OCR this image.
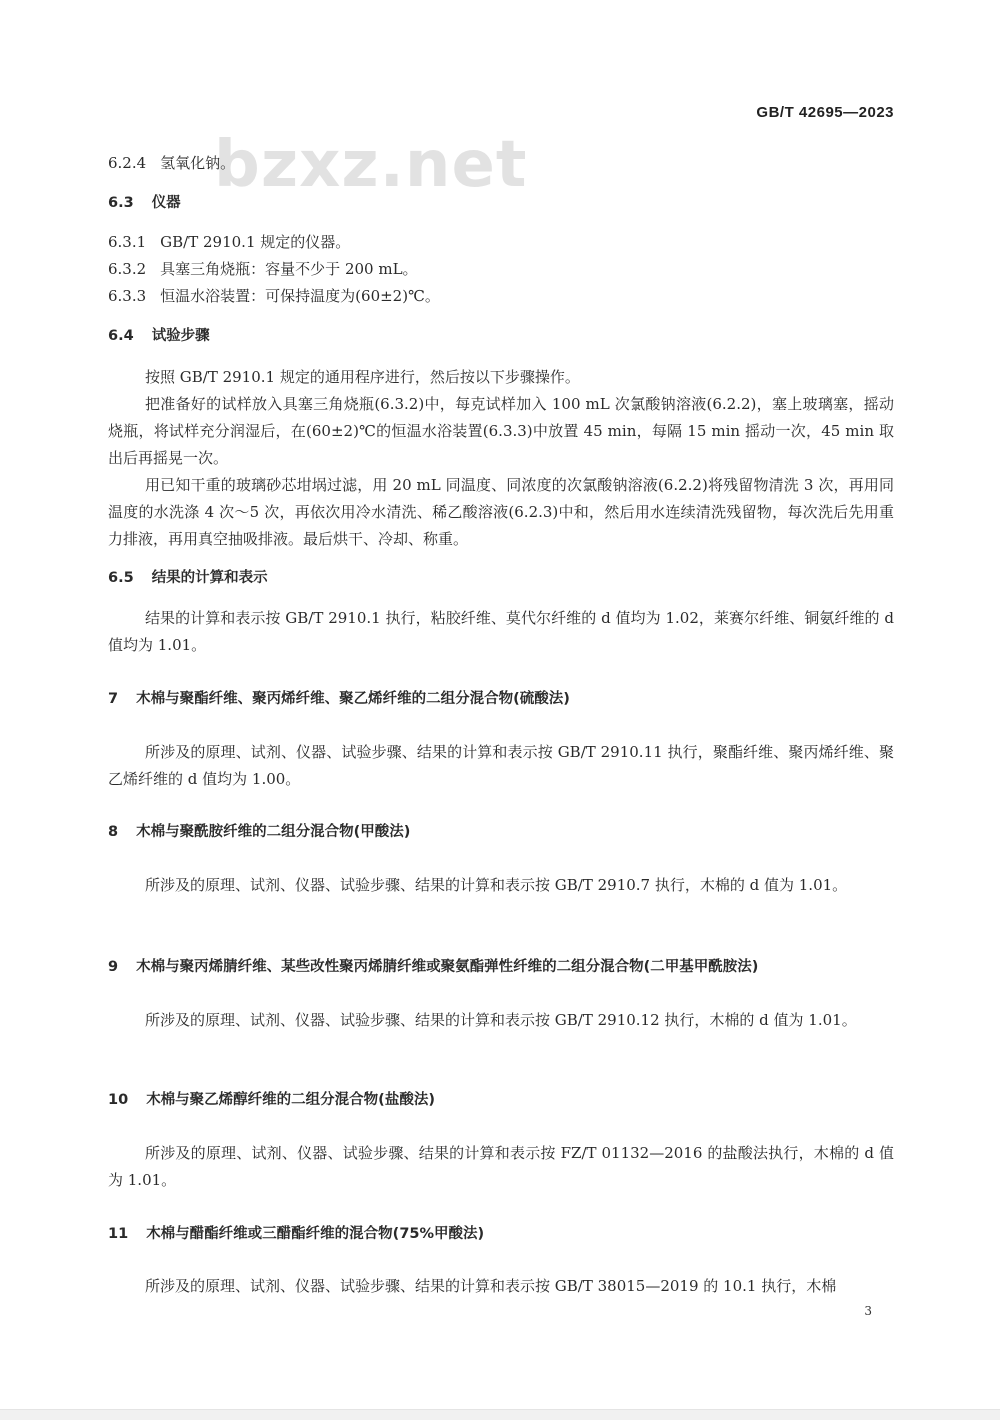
GB/T 42695—2023
bzxz.net
6.2.4 氢氧化钠。
6.3 仪器
6.3.1 GB/T 2910.1 规定的仪器。
6.3.2 具塞三角烧瓶：容量不少于 200 mL。
6.3.3 恒温水浴装置：可保持温度为(60±2)℃。
6.4 试验步骤
按照 GB/T 2910.1 规定的通用程序进行，然后按以下步骤操作。
把准备好的试样放入具塞三角烧瓶(6.3.2)中，每克试样加入 100 mL 次氯酸钠溶液(6.2.2)，塞上玻璃塞，摇动烧瓶，将试样充分润湿后，在(60±2)℃的恒温水浴装置(6.3.3)中放置 45 min，每隔 15 min 摇动一次，45 min 取出后再摇晃一次。
用已知干重的玻璃砂芯坩埚过滤，用 20 mL 同温度、同浓度的次氯酸钠溶液(6.2.2)将残留物清洗 3 次，再用同温度的水洗涤 4 次～5 次，再依次用冷水清洗、稀乙酸溶液(6.2.3)中和，然后用水连续清洗残留物，每次洗后先用重力排液，再用真空抽吸排液。最后烘干、冷却、称重。
6.5 结果的计算和表示
结果的计算和表示按 GB/T 2910.1 执行，粘胶纤维、莫代尔纤维的 d 值均为 1.02，莱赛尔纤维、铜氨纤维的 d 值均为 1.01。
7 木棉与聚酯纤维、聚丙烯纤维、聚乙烯纤维的二组分混合物(硫酸法)
所涉及的原理、试剂、仪器、试验步骤、结果的计算和表示按 GB/T 2910.11 执行，聚酯纤维、聚丙烯纤维、聚乙烯纤维的 d 值均为 1.00。
8 木棉与聚酰胺纤维的二组分混合物(甲酸法)
所涉及的原理、试剂、仪器、试验步骤、结果的计算和表示按 GB/T 2910.7 执行，木棉的 d 值为 1.01。
9 木棉与聚丙烯腈纤维、某些改性聚丙烯腈纤维或聚氨酯弹性纤维的二组分混合物(二甲基甲酰胺法)
所涉及的原理、试剂、仪器、试验步骤、结果的计算和表示按 GB/T 2910.12 执行，木棉的 d 值为 1.01。
10 木棉与聚乙烯醇纤维的二组分混合物(盐酸法)
所涉及的原理、试剂、仪器、试验步骤、结果的计算和表示按 FZ/T 01132—2016 的盐酸法执行，木棉的 d 值为 1.01。
11 木棉与醋酯纤维或三醋酯纤维的混合物(75%甲酸法)
所涉及的原理、试剂、仪器、试验步骤、结果的计算和表示按 GB/T 38015—2019 的 10.1 执行，木棉
3
